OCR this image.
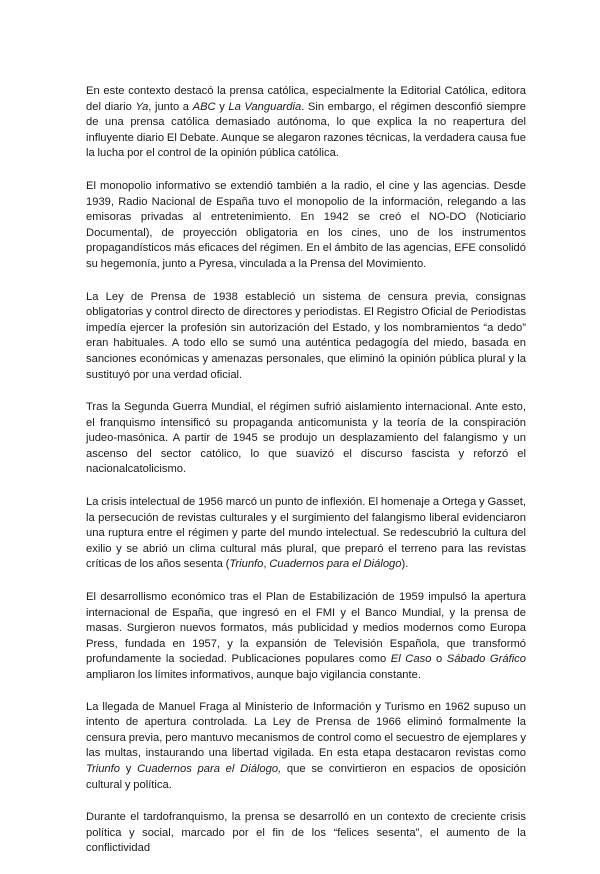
En este contexto destacó la prensa católica, especialmente la Editorial Católica, editora del diario Ya, junto a ABC y La Vanguardia. Sin embargo, el régimen desconfió siempre de una prensa católica demasiado autónoma, lo que explica la no reapertura del influyente diario El Debate. Aunque se alegaron razones técnicas, la verdadera causa fue la lucha por el control de la opinión pública católica.

El monopolio informativo se extendió también a la radio, el cine y las agencias. Desde 1939, Radio Nacional de España tuvo el monopolio de la información, relegando a las emisoras privadas al entretenimiento. En 1942 se creó el NO-DO (Noticiario Documental), de proyección obligatoria en los cines, uno de los instrumentos propagandísticos más eficaces del régimen. En el ámbito de las agencias, EFE consolidó su hegemonía, junto a Pyresa, vinculada a la Prensa del Movimiento.

La Ley de Prensa de 1938 estableció un sistema de censura previa, consignas obligatorias y control directo de directores y periodistas. El Registro Oficial de Periodistas impedía ejercer la profesión sin autorización del Estado, y los nombramientos “a dedo” eran habituales. A todo ello se sumó una auténtica pedagogía del miedo, basada en sanciones económicas y amenazas personales, que eliminó la opinión pública plural y la sustituyó por una verdad oficial.

Tras la Segunda Guerra Mundial, el régimen sufrió aislamiento internacional. Ante esto, el franquismo intensificó su propaganda anticomunista y la teoría de la conspiración judeo-masónica. A partir de 1945 se produjo un desplazamiento del falangismo y un ascenso del sector católico, lo que suavizó el discurso fascista y reforzó el nacionalcatolicismo.

La crisis intelectual de 1956 marcó un punto de inflexión. El homenaje a Ortega y Gasset, la persecución de revistas culturales y el surgimiento del falangismo liberal evidenciaron una ruptura entre el régimen y parte del mundo intelectual. Se redescubrió la cultura del exilio y se abrió un clima cultural más plural, que preparó el terreno para las revistas críticas de los años sesenta (Triunfo, Cuadernos para el Diálogo).

El desarrollismo económico tras el Plan de Estabilización de 1959 impulsó la apertura internacional de España, que ingresó en el FMI y el Banco Mundial, y la prensa de masas. Surgieron nuevos formatos, más publicidad y medios modernos como Europa Press, fundada en 1957, y la expansión de Televisión Española, que transformó profundamente la sociedad. Publicaciones populares como El Caso o Sábado Gráfico ampliaron los límites informativos, aunque bajo vigilancia constante.

La llegada de Manuel Fraga al Ministerio de Información y Turismo en 1962 supuso un intento de apertura controlada. La Ley de Prensa de 1966 eliminó formalmente la censura previa, pero mantuvo mecanismos de control como el secuestro de ejemplares y las multas, instaurando una libertad vigilada. En esta etapa destacaron revistas como Triunfo y Cuadernos para el Diálogo, que se convirtieron en espacios de oposición cultural y política.

Durante el tardofranquismo, la prensa se desarrolló en un contexto de creciente crisis política y social, marcado por el fin de los “felices sesenta”, el aumento de la conflictividad
